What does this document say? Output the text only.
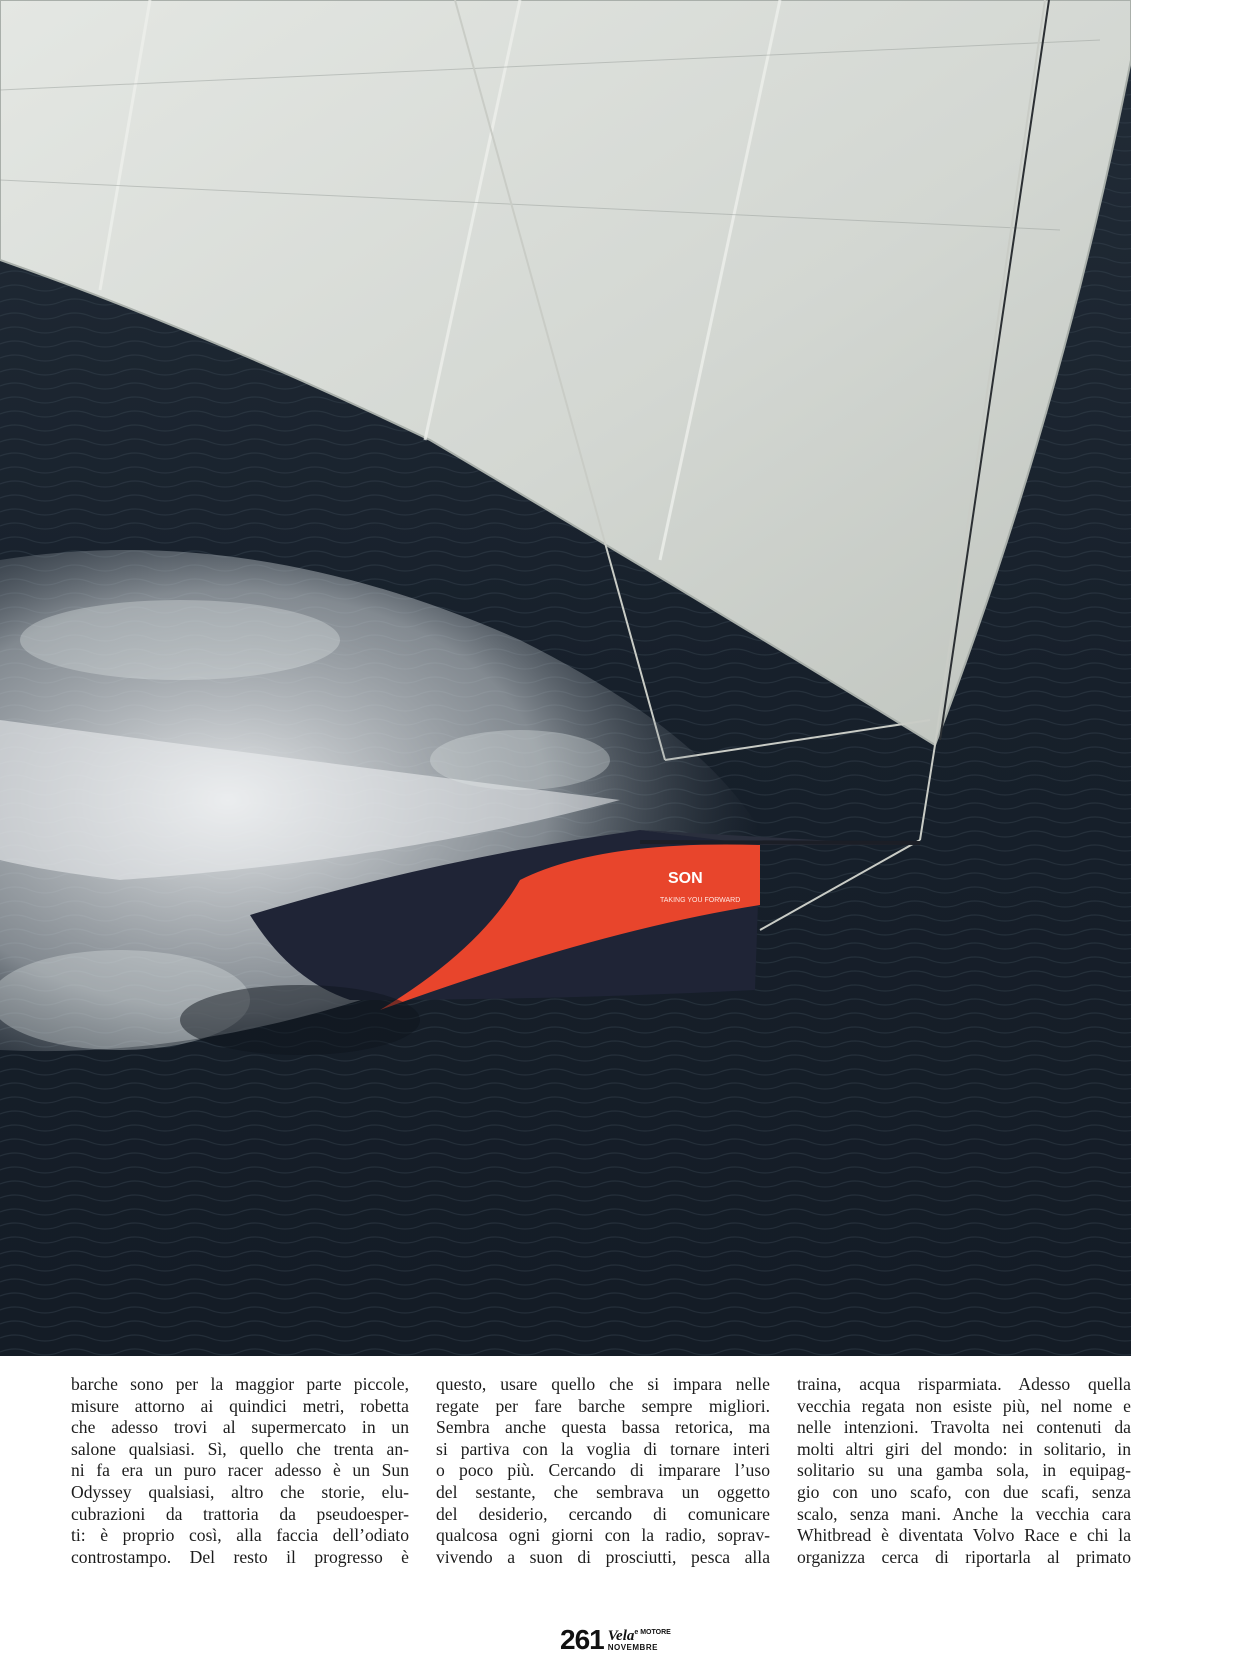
SON
TAKING YOU FORWARD

barche sono per la maggior parte piccole,
misure attorno ai quindici metri, robetta
che adesso trovi al supermercato in un
salone qualsiasi. Sì, quello che trenta an-
ni fa era un puro racer adesso è un Sun
Odyssey qualsiasi, altro che storie, elu-
cubrazioni da trattoria da pseudoesper-
ti: è proprio così, alla faccia dell’odiato
controstampo. Del resto il progresso è

questo, usare quello che si impara nelle
regate per fare barche sempre migliori.
Sembra anche questa bassa retorica, ma
si partiva con la voglia di tornare interi
o poco più. Cercando di imparare l’uso
del sestante, che sembrava un oggetto
del desiderio, cercando di comunicare
qualcosa ogni giorni con la radio, soprav-
vivendo a suon di prosciutti, pesca alla

traina, acqua risparmiata. Adesso quella
vecchia regata non esiste più, nel nome e
nelle intenzioni. Travolta nei contenuti da
molti altri giri del mondo: in solitario, in
solitario su una gamba sola, in equipag-
gio con uno scafo, con due scafi, senza
scalo, senza mani. Anche la vecchia cara
Whitbread è diventata Volvo Race e chi la
organizza cerca di riportarla al primato

261 Vela$^{e MOTORE}$
NOVEMBRE
